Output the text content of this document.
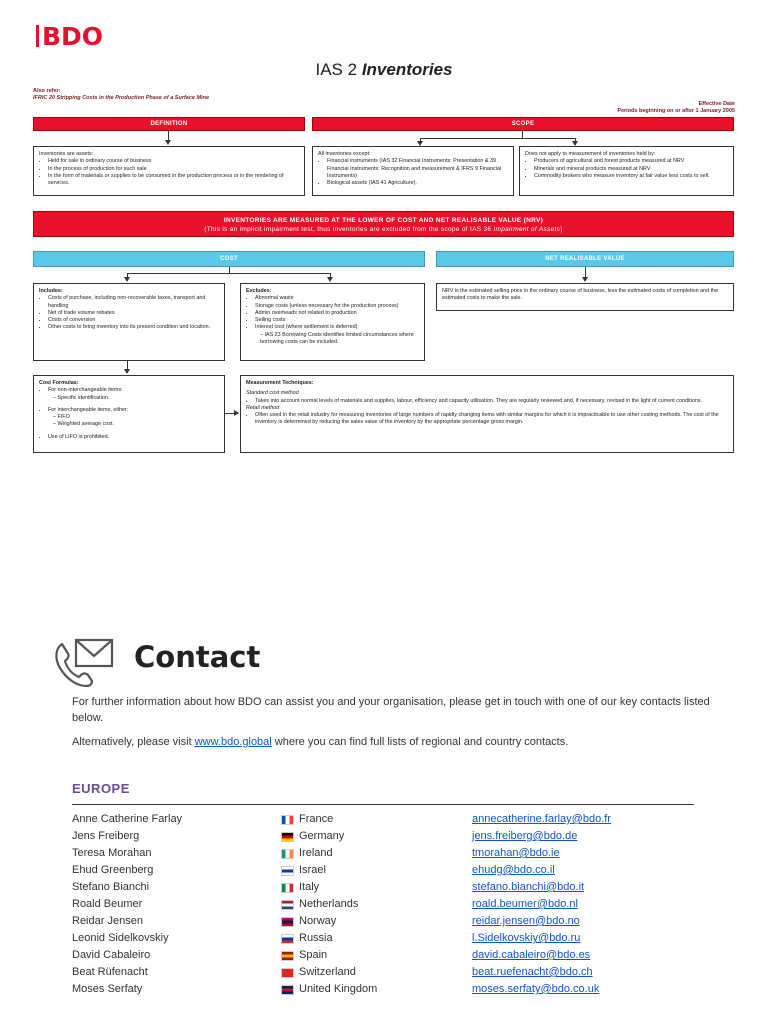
BDO
IAS 2 Inventories
Also refer:
IFRIC 20 Stripping Costs in the Production Phase of a Surface Mine
Effective Date
Periods beginning on or after 1 January 2005
DEFINITION	SCOPE
Inventories are assets:
• Held for sale in ordinary course of business
• In the process of production for such sale
• In the form of materials or supplies to be consumed in the production process or in the rendering of services.
All inventories except:
• Financial instruments (IAS 32 Financial Instruments: Presentation & 39 Financial Instruments: Recognition and measurement & IFRS 9 Financial Instruments)
• Biological assets (IAS 41 Agriculture).
Does not apply to measurement of inventories held by:
• Producers of agricultural and forest products measured at NRV
• Minerals and mineral products measured at NRV
• Commodity brokers who measure inventory at fair value less costs to sell.
INVENTORIES ARE MEASURED AT THE LOWER OF COST AND NET REALISABLE VALUE (NRV)
(This is an implicit impairment test, thus inventories are excluded from the scope of IAS 36 Impairment of Assets)
COST	NET REALISABLE VALUE
Includes:
• Costs of purchase, including non-recoverable taxes, transport and handling
• Net of trade volume rebates
• Costs of conversion
• Other costs to bring inventory into its present condition and location.
Excludes:
• Abnormal waste
• Storage costs (unless necessary for the production process)
• Admin overheads not related to production
• Selling costs
• Interest cost (where settlement is deferred)
– IAS 23 Borrowing Costs identifies limited circumstances where borrowing costs can be included.
NRV is the estimated selling price in the ordinary course of business, less the estimated costs of completion and the estimated costs to make the sale.
Cost Formulas:
• For non-interchangeable items:
– Specific identification.
• For interchangeable items, either:
– FIFO
– Weighted average cost.
• Use of LIFO is prohibited.
Measurement Techniques:
Standard cost method
• Takes into account normal levels of materials and supplies, labour, efficiency and capacity utilisation. They are regularly reviewed and, if necessary, revised in the light of current conditions.
Retail method
• Often used in the retail industry for measuring inventories of large numbers of rapidly changing items with similar margins for which it is impracticable to use other costing methods. The cost of the inventory is determined by reducing the sales value of the inventory by the appropriate percentage gross margin.
Contact
For further information about how BDO can assist you and your organisation, please get in touch with one of our key contacts listed below.
Alternatively, please visit www.bdo.global where you can find full lists of regional and country contacts.
EUROPE
Anne Catherine Farlay	France	annecatherine.farlay@bdo.fr
Jens Freiberg	Germany	jens.freiberg@bdo.de
Teresa Morahan	Ireland	tmorahan@bdo.ie
Ehud Greenberg	Israel	ehudg@bdo.co.il
Stefano Bianchi	Italy	stefano.bianchi@bdo.it
Roald Beumer	Netherlands	roald.beumer@bdo.nl
Reidar Jensen	Norway	reidar.jensen@bdo.no
Leonid Sidelkovskiy	Russia	l.Sidelkovskiy@bdo.ru
David Cabaleiro	Spain	david.cabaleiro@bdo.es
Beat Rüfenacht	Switzerland	beat.ruefenacht@bdo.ch
Moses Serfaty	United Kingdom	moses.serfaty@bdo.co.uk
